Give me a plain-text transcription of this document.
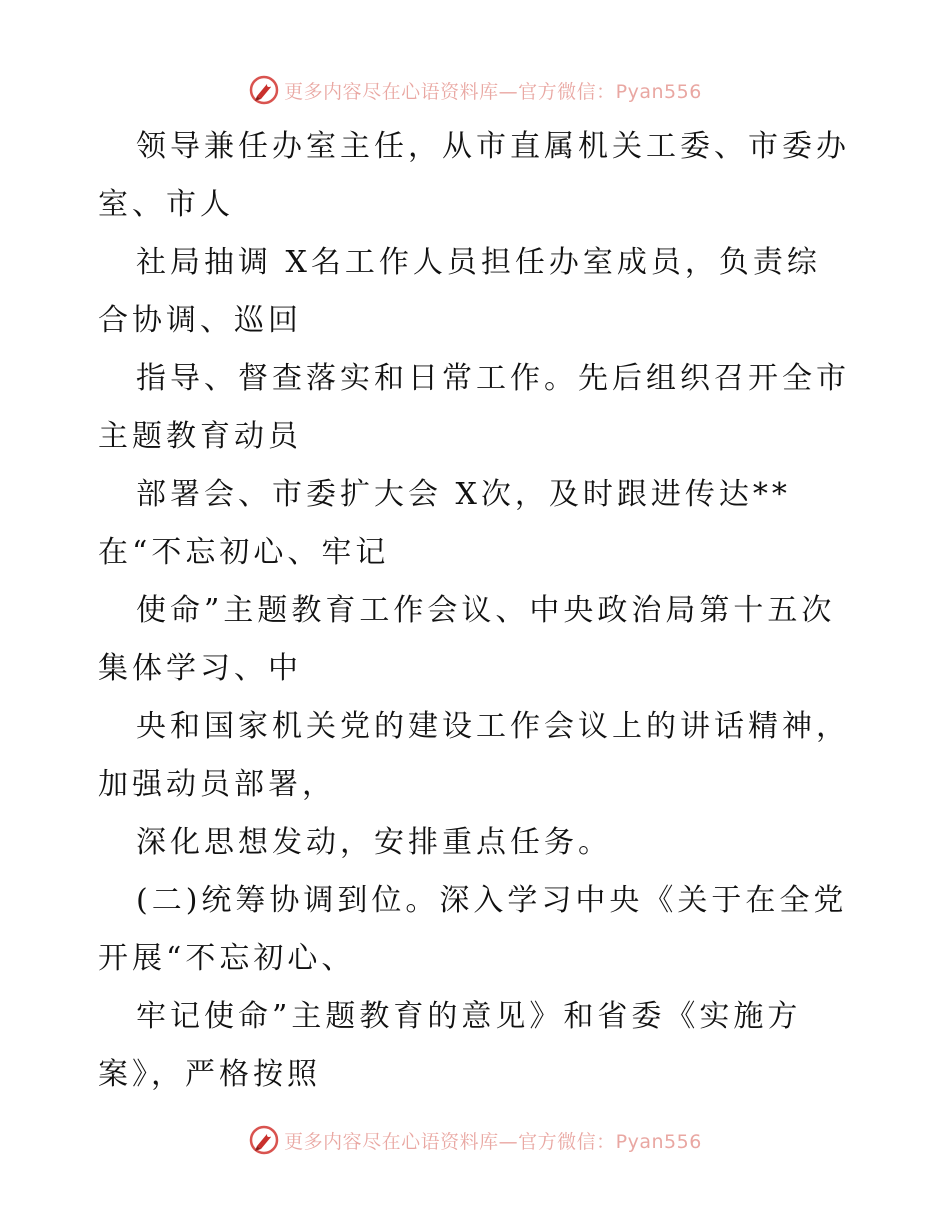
更多内容尽在心语资料库—官方微信：Pyan556
领导兼任办室主任，从市直属机关工委、市委办
室、市人
社局抽调 X名工作人员担任办室成员，负责综
合协调、巡回
指导、督查落实和日常工作。先后组织召开全市
主题教育动员
部署会、市委扩大会 X次，及时跟进传达**
在“不忘初心、牢记
使命”主题教育工作会议、中央政治局第十五次
集体学习、中
央和国家机关党的建设工作会议上的讲话精神，
加强动员部署，
深化思想发动，安排重点任务。
(二)统筹协调到位。深入学习中央《关于在全党
开展“不忘初心、
牢记使命”主题教育的意见》和省委《实施方
案》，严格按照
更多内容尽在心语资料库—官方微信：Pyan556
